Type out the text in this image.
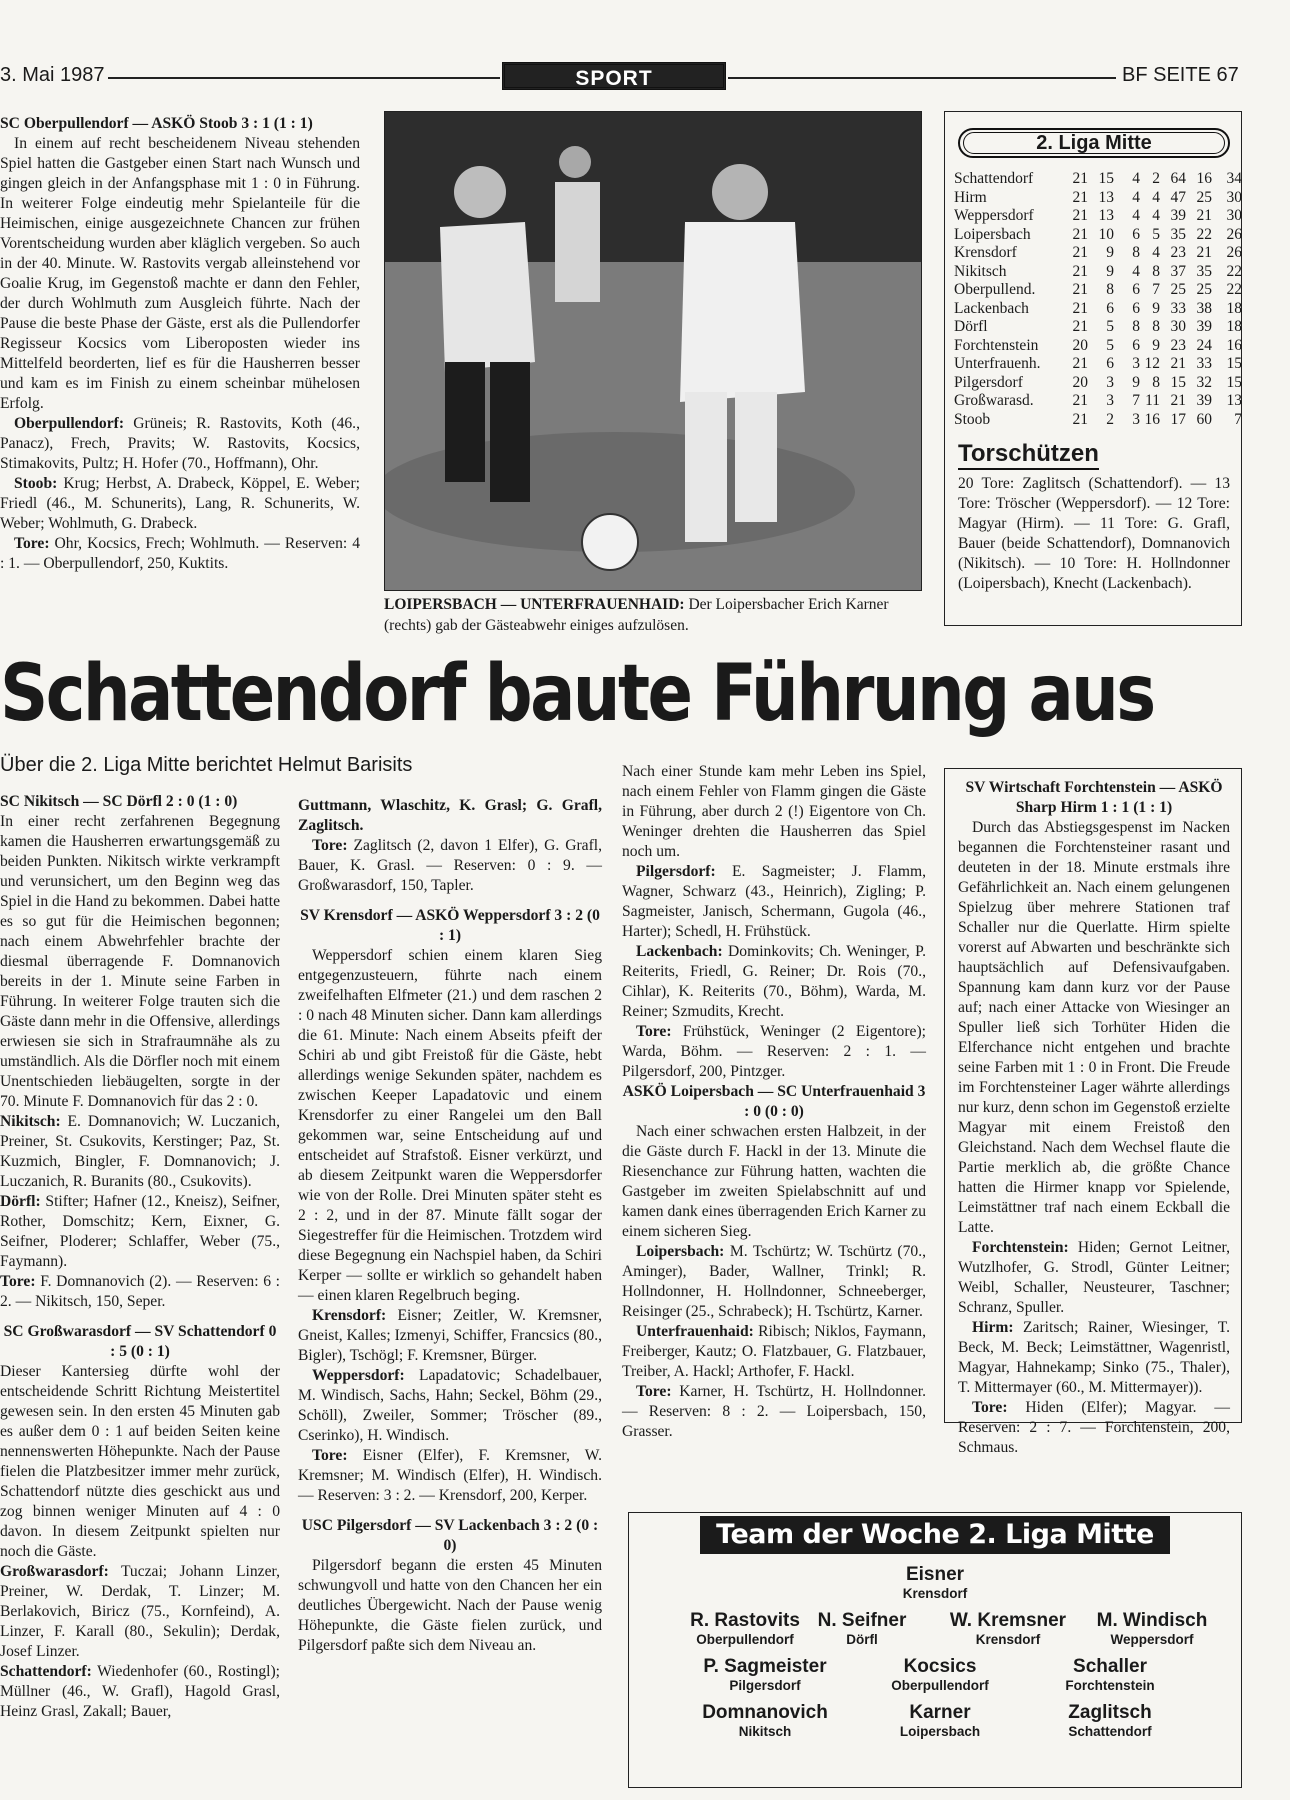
3. Mai 1987	SPORT	BF SEITE 67

SC Oberpullendorf — ASKÖ Stoob 3 : 1 (1 : 1)

In einem auf recht bescheidenem Niveau stehenden Spiel hatten die Gastgeber einen Start nach Wunsch und gingen gleich in der Anfangsphase mit 1 : 0 in Führung. In weiterer Folge eindeutig mehr Spielanteile für die Heimischen, einige ausgezeichnete Chancen zur frühen Vorentscheidung wurden aber kläglich vergeben. So auch in der 40. Minute. W. Rastovits vergab alleinstehend vor Goalie Krug, im Gegenstoß machte er dann den Fehler, der durch Wohlmuth zum Ausgleich führte. Nach der Pause die beste Phase der Gäste, erst als die Pullendorfer Regisseur Kocsics vom Liberoposten wieder ins Mittelfeld beorderten, lief es für die Hausherren besser und kam es im Finish zu einem scheinbar mühelosen Erfolg.

Oberpullendorf: Grüneis; R. Rastovits, Koth (46., Panacz), Frech, Pravits; W. Rastovits, Kocsics, Stimakovits, Pultz; H. Hofer (70., Hoffmann), Ohr.

Stoob: Krug; Herbst, A. Drabeck, Köppel, E. Weber; Friedl (46., M. Schunerits), Lang, R. Schunerits, W. Weber; Wohlmuth, G. Drabeck.

Tore: Ohr, Kocsics, Frech; Wohlmuth. — Reserven: 4 : 1. — Oberpullendorf, 250, Kuktits.

LOIPERSBACH — UNTERFRAUENHAID: Der Loipersbacher Erich Karner (rechts) gab der Gästeabwehr einiges aufzulösen.
2. Liga Mitte
Schattendorf	21	15	4	2	64	16	34
Hirm	21	13	4	4	47	25	30
Weppersdorf	21	13	4	4	39	21	30
Loipersbach	21	10	6	5	35	22	26
Krensdorf	21	9	8	4	23	21	26
Nikitsch	21	9	4	8	37	35	22
Oberpullend.	21	8	6	7	25	25	22
Lackenbach	21	6	6	9	33	38	18
Dörfl	21	5	8	8	30	39	18
Forchtenstein	20	5	6	9	23	24	16
Unterfrauenh.	21	6	3	12	21	33	15
Pilgersdorf	20	3	9	8	15	32	15
Großwarasd.	21	3	7	11	21	39	13
Stoob	21	2	3	16	17	60	7
Torschützen

20 Tore: Zaglitsch (Schattendorf). — 13 Tore: Tröscher (Weppersdorf). — 12 Tore: Magyar (Hirm). — 11 Tore: G. Grafl, Bauer (beide Schattendorf), Domnanovich (Nikitsch). — 10 Tore: H. Hollndonner (Loipersbach), Knecht (Lackenbach).

Schattendorf baute Führung aus
Über die 2. Liga Mitte berichtet Helmut Barisits

SC Nikitsch — SC Dörfl 2 : 0 (1 : 0)

In einer recht zerfahrenen Begegnung kamen die Hausherren erwartungsgemäß zu beiden Punkten. Nikitsch wirkte verkrampft und verunsichert, um den Beginn weg das Spiel in die Hand zu bekommen. Dabei hatte es so gut für die Heimischen begonnen; nach einem Abwehrfehler brachte der diesmal überragende F. Domnanovich bereits in der 1. Minute seine Farben in Führung. In weiterer Folge trauten sich die Gäste dann mehr in die Offensive, allerdings erwiesen sie sich in Strafraumnähe als zu umständlich. Als die Dörfler noch mit einem Unentschieden liebäugelten, sorgte in der 70. Minute F. Domnanovich für das 2 : 0.

Nikitsch: E. Domnanovich; W. Luczanich, Preiner, St. Csukovits, Kerstinger; Paz, St. Kuzmich, Bingler, F. Domnanovich; J. Luczanich, R. Buranits (80., Csukovits).

Dörfl: Stifter; Hafner (12., Kneisz), Seifner, Rother, Domschitz; Kern, Eixner, G. Seifner, Ploderer; Schlaffer, Weber (75., Faymann).

Tore: F. Domnanovich (2). — Reserven: 6 : 2. — Nikitsch, 150, Seper.

SC Großwarasdorf — SV Schattendorf 0 : 5 (0 : 1)

Dieser Kantersieg dürfte wohl der entscheidende Schritt Richtung Meistertitel gewesen sein. In den ersten 45 Minuten gab es außer dem 0 : 1 auf beiden Seiten keine nennenswerten Höhepunkte. Nach der Pause fielen die Platzbesitzer immer mehr zurück, Schattendorf nützte dies geschickt aus und zog binnen weniger Minuten auf 4 : 0 davon. In diesem Zeitpunkt spielten nur noch die Gäste.

Großwarasdorf: Tuczai; Johann Linzer, Preiner, W. Derdak, T. Linzer; M. Berlakovich, Biricz (75., Kornfeind), A. Linzer, F. Karall (80., Sekulin); Derdak, Josef Linzer.

Schattendorf: Wiedenhofer (60., Rostingl); Müllner (46., W. Grafl), Hagold Grasl, Heinz Grasl, Zakall; Bauer,

Guttmann, Wlaschitz, K. Grasl; G. Grafl, Zaglitsch.

Tore: Zaglitsch (2, davon 1 Elfer), G. Grafl, Bauer, K. Grasl. — Reserven: 0 : 9. — Großwarasdorf, 150, Tapler.

SV Krensdorf — ASKÖ Weppersdorf 3 : 2 (0 : 1)

Weppersdorf schien einem klaren Sieg entgegenzusteuern, führte nach einem zweifelhaften Elfmeter (21.) und dem raschen 2 : 0 nach 48 Minuten sicher. Dann kam allerdings die 61. Minute: Nach einem Abseits pfeift der Schiri ab und gibt Freistoß für die Gäste, hebt allerdings wenige Sekunden später, nachdem es zwischen Keeper Lapadatovic und einem Krensdorfer zu einer Rangelei um den Ball gekommen war, seine Entscheidung auf und entscheidet auf Strafstoß. Eisner verkürzt, und ab diesem Zeitpunkt waren die Weppersdorfer wie von der Rolle. Drei Minuten später steht es 2 : 2, und in der 87. Minute fällt sogar der Siegestreffer für die Heimischen. Trotzdem wird diese Begegnung ein Nachspiel haben, da Schiri Kerper — sollte er wirklich so gehandelt haben — einen klaren Regelbruch beging.

Krensdorf: Eisner; Zeitler, W. Kremsner, Gneist, Kalles; Izmenyi, Schiffer, Francsics (80., Bigler), Tschögl; F. Kremsner, Bürger.

Weppersdorf: Lapadatovic; Schadelbauer, M. Windisch, Sachs, Hahn; Seckel, Böhm (29., Schöll), Zweiler, Sommer; Tröscher (89., Cserinko), H. Windisch.

Tore: Eisner (Elfer), F. Kremsner, W. Kremsner; M. Windisch (Elfer), H. Windisch. — Reserven: 3 : 2. — Krensdorf, 200, Kerper.

USC Pilgersdorf — SV Lackenbach 3 : 2 (0 : 0)

Pilgersdorf begann die ersten 45 Minuten schwungvoll und hatte von den Chancen her ein deutliches Übergewicht. Nach der Pause wenig Höhepunkte, die Gäste fielen zurück, und Pilgersdorf paßte sich dem Niveau an.

Nach einer Stunde kam mehr Leben ins Spiel, nach einem Fehler von Flamm gingen die Gäste in Führung, aber durch 2 (!) Eigentore von Ch. Weninger drehten die Hausherren das Spiel noch um.

Pilgersdorf: E. Sagmeister; J. Flamm, Wagner, Schwarz (43., Heinrich), Zigling; P. Sagmeister, Janisch, Schermann, Gugola (46., Harter); Schedl, H. Frühstück.

Lackenbach: Dominkovits; Ch. Weninger, P. Reiterits, Friedl, G. Reiner; Dr. Rois (70., Cihlar), K. Reiterits (70., Böhm), Warda, M. Reiner; Szmudits, Krecht.

Tore: Frühstück, Weninger (2 Eigentore); Warda, Böhm. — Reserven: 2 : 1. — Pilgersdorf, 200, Pintzger.

ASKÖ Loipersbach — SC Unterfrauenhaid 3 : 0 (0 : 0)

Nach einer schwachen ersten Halbzeit, in der die Gäste durch F. Hackl in der 13. Minute die Riesenchance zur Führung hatten, wachten die Gastgeber im zweiten Spielabschnitt auf und kamen dank eines überragenden Erich Karner zu einem sicheren Sieg.

Loipersbach: M. Tschürtz; W. Tschürtz (70., Aminger), Bader, Wallner, Trinkl; R. Hollndonner, H. Hollndonner, Schneeberger, Reisinger (25., Schrabeck); H. Tschürtz, Karner.

Unterfrauenhaid: Ribisch; Niklos, Faymann, Freiberger, Kautz; O. Flatzbauer, G. Flatzbauer, Treiber, A. Hackl; Arthofer, F. Hackl.

Tore: Karner, H. Tschürtz, H. Hollndonner. — Reserven: 8 : 2. — Loipersbach, 150, Grasser.

SV Wirtschaft Forchtenstein — ASKÖ Sharp Hirm 1 : 1 (1 : 1)

Durch das Abstiegsgespenst im Nacken begannen die Forchtensteiner rasant und deuteten in der 18. Minute erstmals ihre Gefährlichkeit an. Nach einem gelungenen Spielzug über mehrere Stationen traf Schaller nur die Querlatte. Hirm spielte vorerst auf Abwarten und beschränkte sich hauptsächlich auf Defensivaufgaben. Spannung kam dann kurz vor der Pause auf; nach einer Attacke von Wiesinger an Spuller ließ sich Torhüter Hiden die Elferchance nicht entgehen und brachte seine Farben mit 1 : 0 in Front. Die Freude im Forchtensteiner Lager währte allerdings nur kurz, denn schon im Gegenstoß erzielte Magyar mit einem Freistoß den Gleichstand. Nach dem Wechsel flaute die Partie merklich ab, die größte Chance hatten die Hirmer knapp vor Spielende, Leimstättner traf nach einem Eckball die Latte.

Forchtenstein: Hiden; Gernot Leitner, Wutzlhofer, G. Strodl, Günter Leitner; Weibl, Schaller, Neusteurer, Taschner; Schranz, Spuller.

Hirm: Zaritsch; Rainer, Wiesinger, T. Beck, M. Beck; Leimstättner, Wagenristl, Magyar, Hahnekamp; Sinko (75., Thaler), T. Mittermayer (60., M. Mittermayer)).

Tore: Hiden (Elfer); Magyar. — Reserven: 2 : 7. — Forchtenstein, 200, Schmaus.

Team der Woche 2. Liga Mitte
Eisner
Krensdorf
R. Rastovits
Oberpullendorf
N. Seifner
Dörfl
W. Kremsner
Krensdorf
M. Windisch
Weppersdorf
P. Sagmeister
Pilgersdorf
Kocsics
Oberpullendorf
Schaller
Forchtenstein
Domnanovich
Nikitsch
Karner
Loipersbach
Zaglitsch
Schattendorf
